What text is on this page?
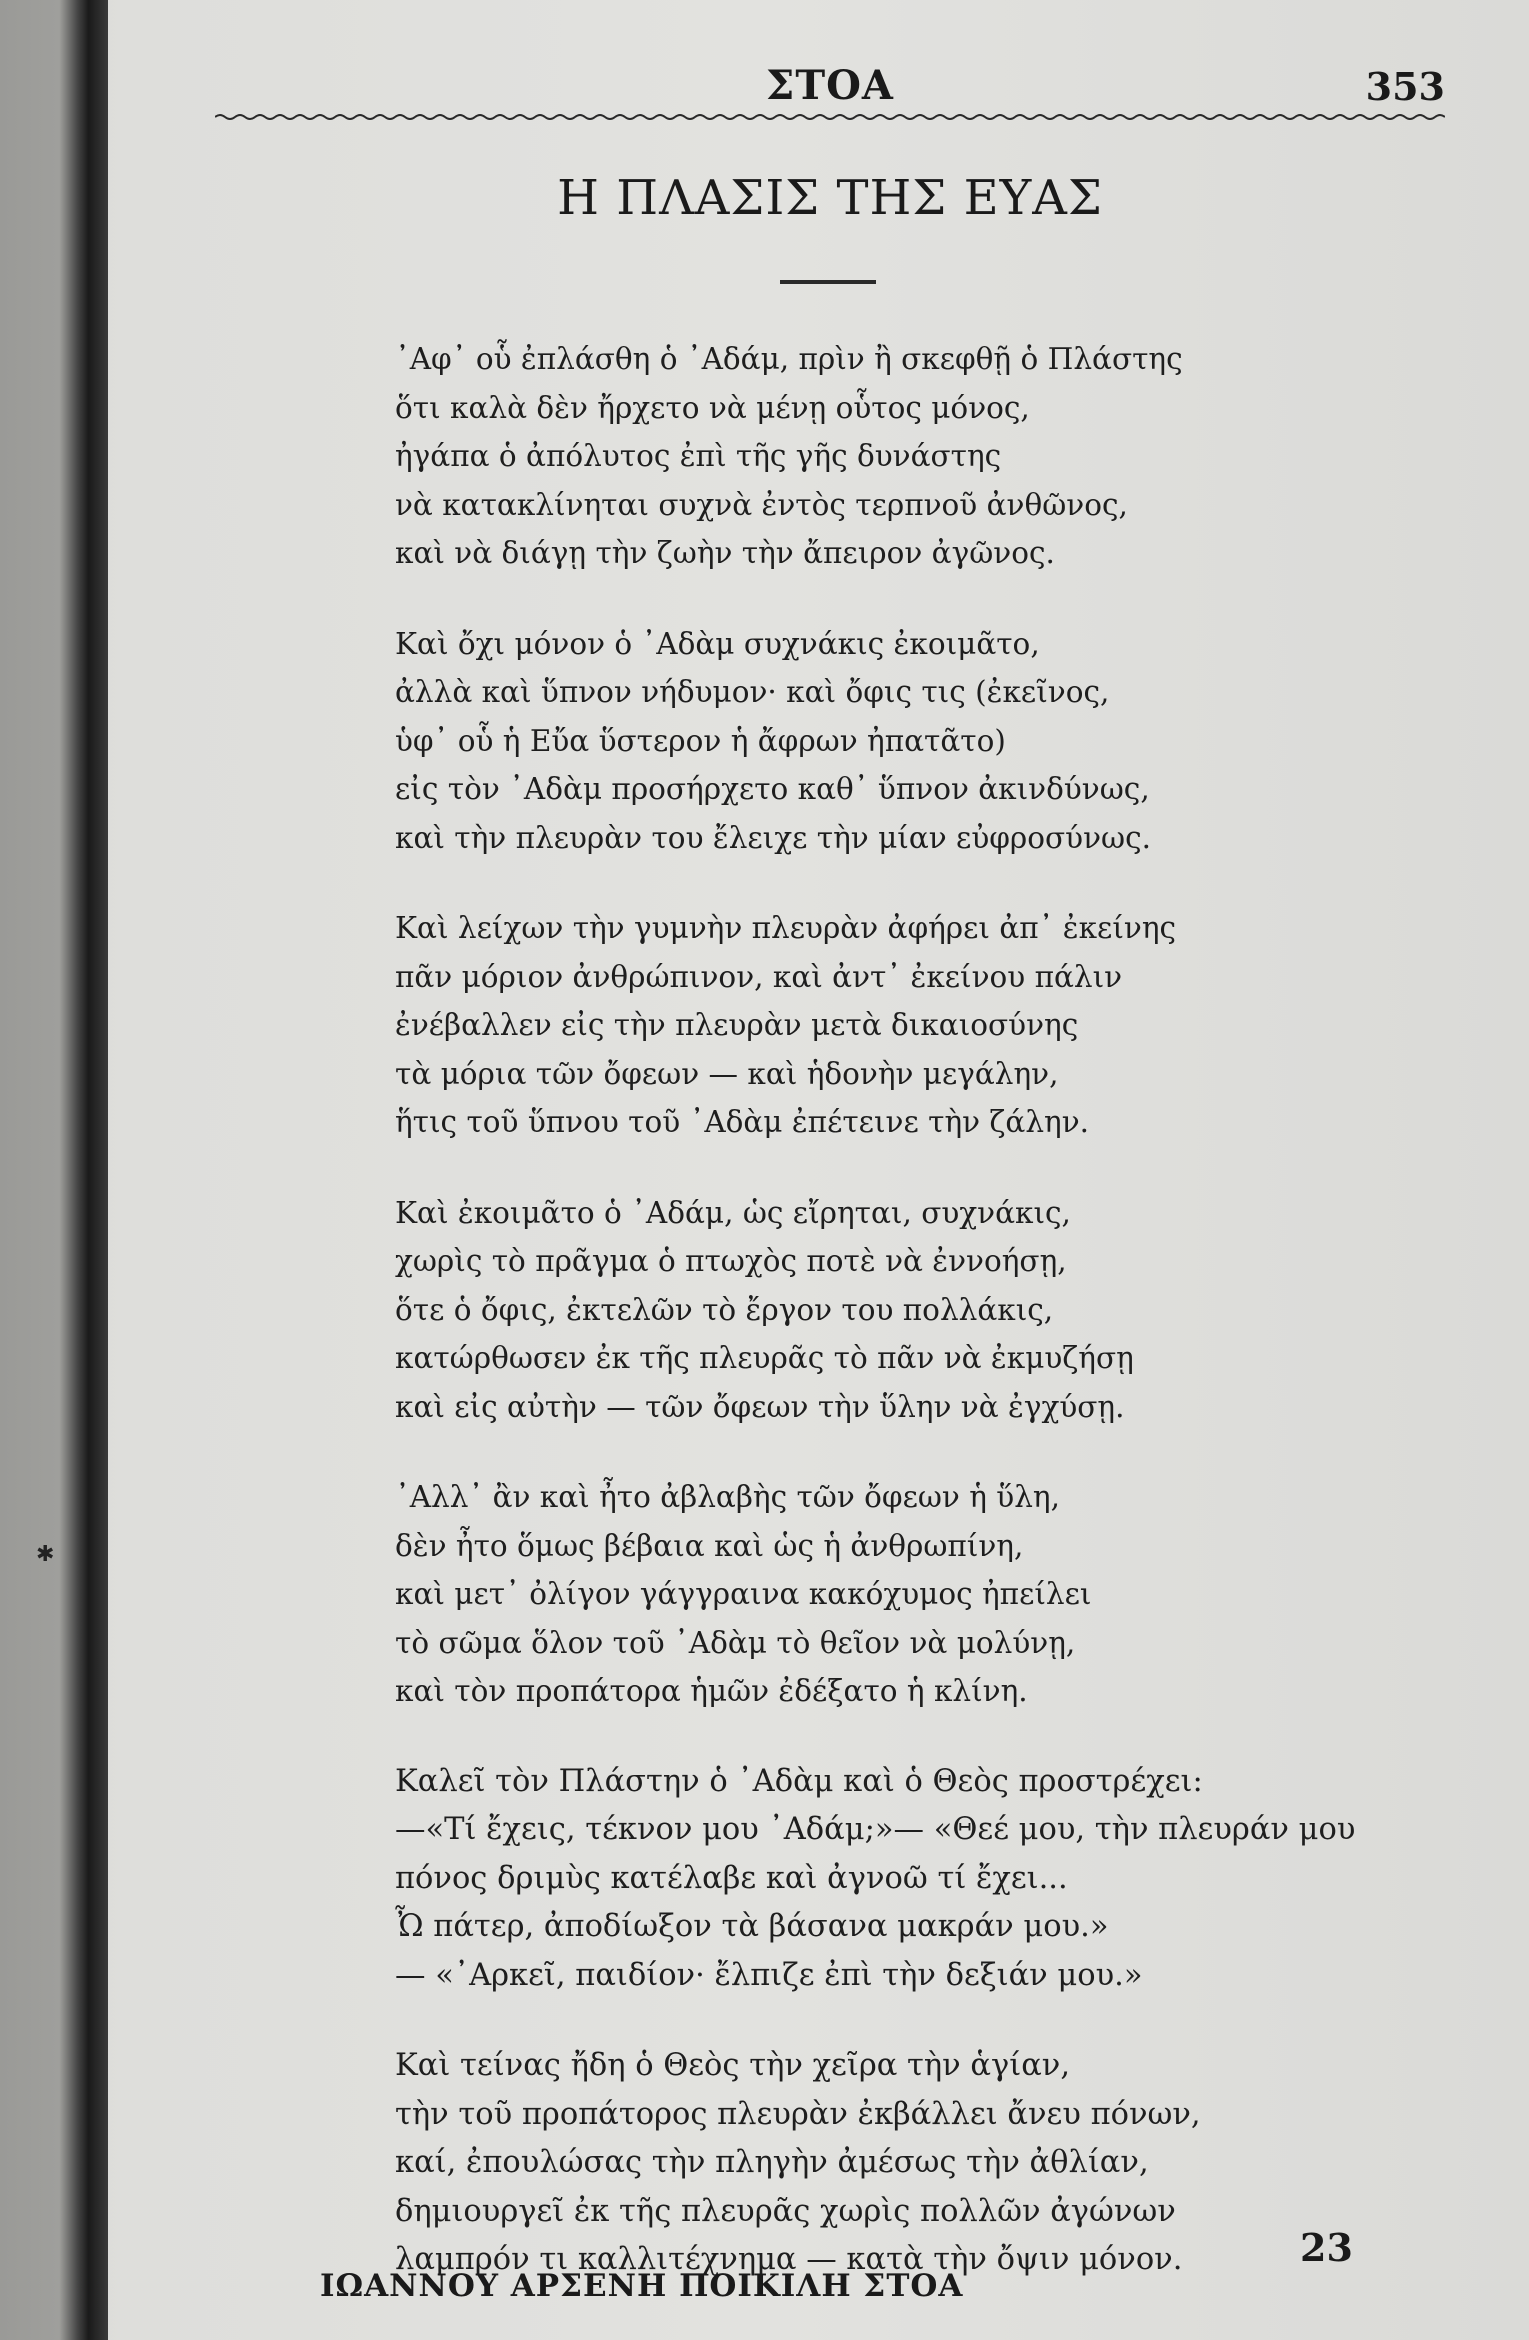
ΣΤΟΑ	353
Η ΠΛΑΣΙΣ ΤΗΣ ΕΥΑΣ
᾿Αφ᾿ οὗ ἐπλάσθη ὁ ᾿Αδάμ, πρὶν ἢ σκεφθῇ ὁ Πλάστης
ὅτι καλὰ δὲν ἤρχετο νὰ μένῃ οὗτος μόνος,
ἠγάπα ὁ ἀπόλυτος ἐπὶ τῆς γῆς δυνάστης
νὰ κατακλίνηται συχνὰ ἐντὸς τερπνοῦ ἀνθῶνος,
καὶ νὰ διάγῃ τὴν ζωὴν τὴν ἄπειρον ἀγῶνος.
Καὶ ὄχι μόνον ὁ ᾿Αδὰμ συχνάκις ἐκοιμᾶτο,
ἀλλὰ καὶ ὕπνον νήδυμον· καὶ ὄφις τις (ἐκεῖνος,
ὑφ᾿ οὗ ἡ Εὔα ὕστερον ἡ ἄφρων ἠπατᾶτο)
εἰς τὸν ᾿Αδὰμ προσήρχετο καθ᾿ ὕπνον ἀκινδύνως,
καὶ τὴν πλευρὰν του ἔλειχε τὴν μίαν εὐφροσύνως.
Καὶ λείχων τὴν γυμνὴν πλευρὰν ἀφήρει ἀπ᾿ ἐκείνης
πᾶν μόριον ἀνθρώπινον, καὶ ἀντ᾿ ἐκείνου πάλιν
ἐνέβαλλεν εἰς τὴν πλευρὰν μετὰ δικαιοσύνης
τὰ μόρια τῶν ὄφεων — καὶ ἡδονὴν μεγάλην,
ἥτις τοῦ ὕπνου τοῦ ᾿Αδὰμ ἐπέτεινε τὴν ζάλην.
Καὶ ἐκοιμᾶτο ὁ ᾿Αδάμ, ὡς εἴρηται, συχνάκις,
χωρὶς τὸ πρᾶγμα ὁ πτωχὸς ποτὲ νὰ ἐννοήσῃ,
ὅτε ὁ ὄφις, ἐκτελῶν τὸ ἔργον του πολλάκις,
κατώρθωσεν ἐκ τῆς πλευρᾶς τὸ πᾶν νὰ ἐκμυζήσῃ
καὶ εἰς αὐτὴν — τῶν ὄφεων τὴν ὕλην νὰ ἐγχύσῃ.
᾿Αλλ᾿ ἂν καὶ ἦτο ἀβλαβὴς τῶν ὄφεων ἡ ὕλη,
δὲν ἦτο ὅμως βέβαια καὶ ὡς ἡ ἀνθρωπίνη,
καὶ μετ᾿ ὀλίγον γάγγραινα κακόχυμος ἠπείλει
τὸ σῶμα ὅλον τοῦ ᾿Αδὰμ τὸ θεῖον νὰ μολύνῃ,
καὶ τὸν προπάτορα ἡμῶν ἐδέξατο ἡ κλίνη.
Καλεῖ τὸν Πλάστην ὁ ᾿Αδὰμ καὶ ὁ Θεὸς προστρέχει:
—«Τί ἔχεις, τέκνον μου ᾿Αδάμ;»— «Θεέ μου, τὴν πλευράν μου
πόνος δριμὺς κατέλαβε καὶ ἀγνοῶ τί ἔχει...
Ὦ πάτερ, ἀποδίωξον τὰ βάσανα μακράν μου.»
— «᾿Αρκεῖ, παιδίον· ἔλπιζε ἐπὶ τὴν δεξιάν μου.»
Καὶ τείνας ἤδη ὁ Θεὸς τὴν χεῖρα τὴν ἁγίαν,
τὴν τοῦ προπάτορος πλευρὰν ἐκβάλλει ἄνευ πόνων,
καί, ἐπουλώσας τὴν πληγὴν ἀμέσως τὴν ἀθλίαν,
δημιουργεῖ ἐκ τῆς πλευρᾶς χωρὶς πολλῶν ἀγώνων
λαμπρόν τι καλλιτέχνημα — κατὰ τὴν ὄψιν μόνον.
✱
23
ΙΩΑΝΝΟΥ ΑΡΣΕΝΗ ΠΟΙΚΙΛΗ ΣΤΟΑ
